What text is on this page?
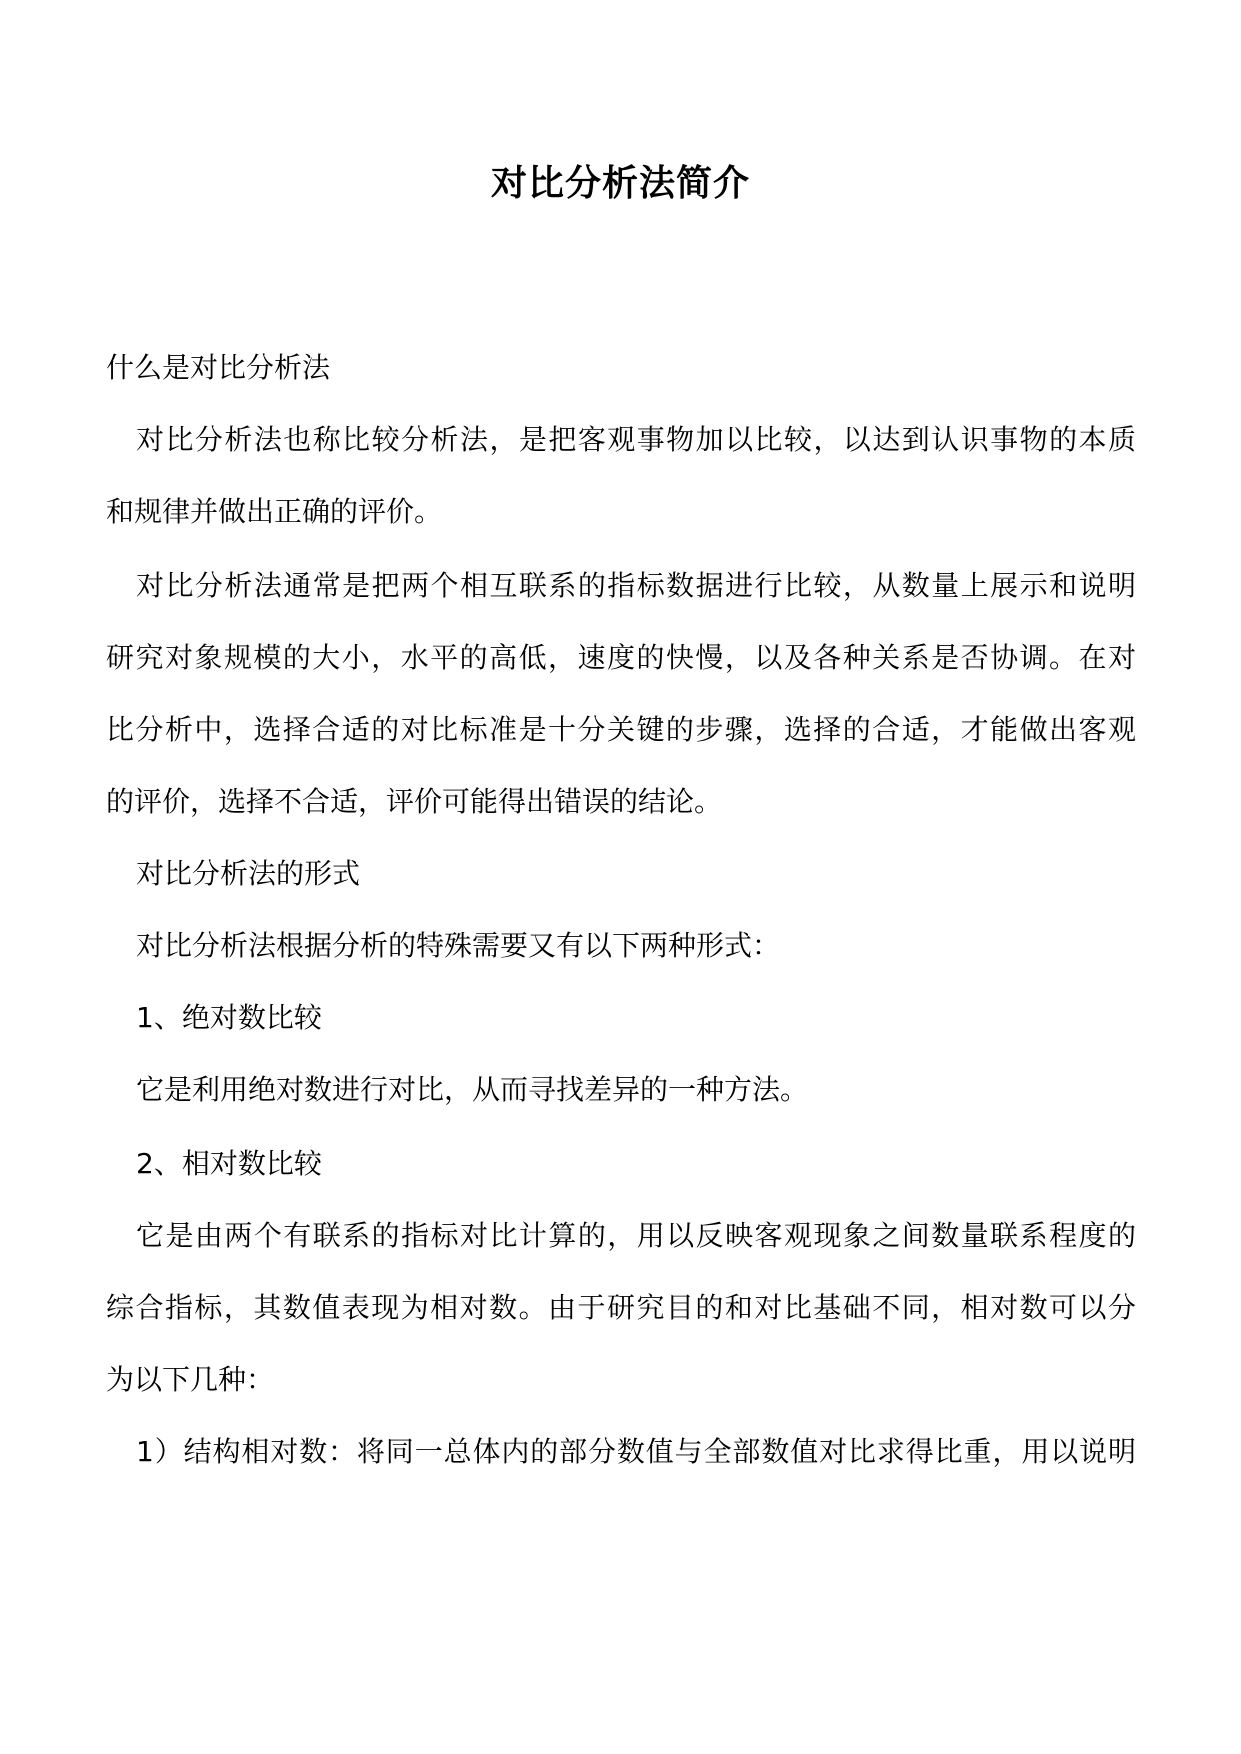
对比分析法简介
什么是对比分析法
对比分析法也称比较分析法，是把客观事物加以比较，以达到认识事物的本质
和规律并做出正确的评价。
对比分析法通常是把两个相互联系的指标数据进行比较，从数量上展示和说明
研究对象规模的大小，水平的高低，速度的快慢，以及各种关系是否协调。在对
比分析中，选择合适的对比标准是十分关键的步骤，选择的合适，才能做出客观
的评价，选择不合适，评价可能得出错误的结论。
对比分析法的形式
对比分析法根据分析的特殊需要又有以下两种形式：
1、绝对数比较
它是利用绝对数进行对比，从而寻找差异的一种方法。
2、相对数比较
它是由两个有联系的指标对比计算的，用以反映客观现象之间数量联系程度的
综合指标，其数值表现为相对数。由于研究目的和对比基础不同，相对数可以分
为以下几种：
1）结构相对数：将同一总体内的部分数值与全部数值对比求得比重，用以说明
